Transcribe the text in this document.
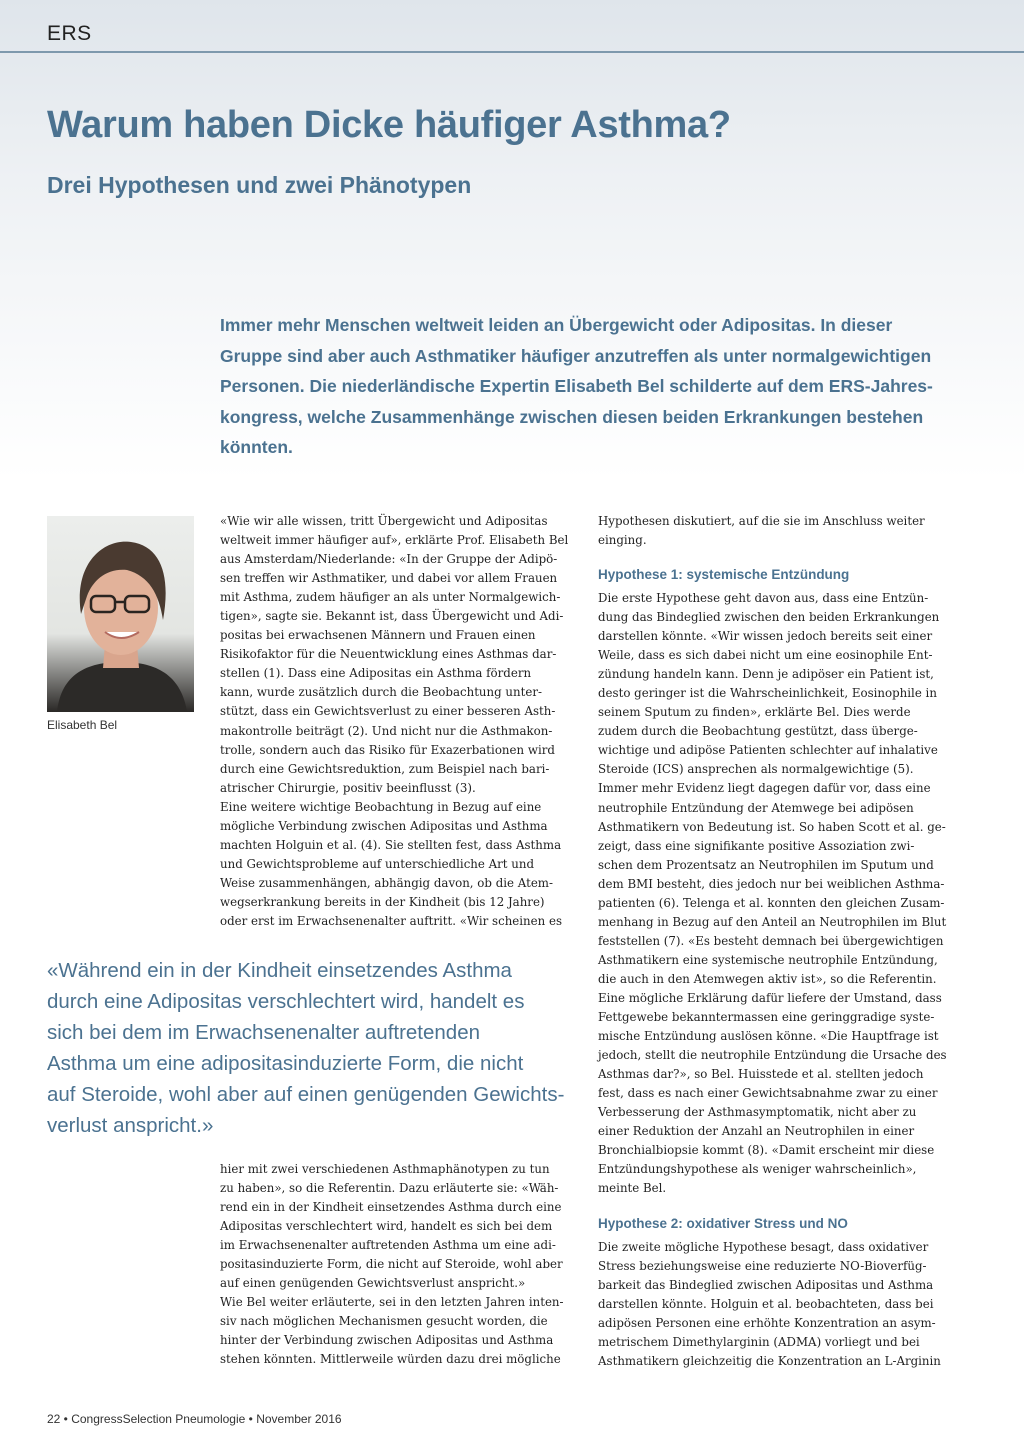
ERS
Warum haben Dicke häufiger Asthma?
Drei Hypothesen und zwei Phänotypen

Immer mehr Menschen weltweit leiden an Übergewicht oder Adipositas. In dieser
Gruppe sind aber auch Asthmatiker häufiger anzutreffen als unter normalgewichtigen
Personen. Die niederländische Expertin Elisabeth Bel schilderte auf dem ERS-Jahres-
kongress, welche Zusammenhänge zwischen diesen beiden Erkrankungen bestehen
könnten.

Elisabeth Bel
«Wie wir alle wissen, tritt Übergewicht und Adipositas
weltweit immer häufiger auf», erklärte Prof. Elisabeth Bel
aus Amsterdam/Niederlande: «In der Gruppe der Adipö-
sen treffen wir Asthmatiker, und dabei vor allem Frauen
mit Asthma, zudem häufiger an als unter Normalgewich-
tigen», sagte sie. Bekannt ist, dass Übergewicht und Adi-
positas bei erwachsenen Männern und Frauen einen
Risikofaktor für die Neuentwicklung eines Asthmas dar-
stellen (1). Dass eine Adipositas ein Asthma fördern
kann, wurde zusätzlich durch die Beobachtung unter-
stützt, dass ein Gewichtsverlust zu einer besseren Asth-
makontrolle beiträgt (2). Und nicht nur die Asthmakon-
trolle, sondern auch das Risiko für Exazerbationen wird
durch eine Gewichtsreduktion, zum Beispiel nach bari-
atrischer Chirurgie, positiv beeinflusst (3).
Eine weitere wichtige Beobachtung in Bezug auf eine
mögliche Verbindung zwischen Adipositas und Asthma
machten Holguin et al. (4). Sie stellten fest, dass Asthma
und Gewichtsprobleme auf unterschiedliche Art und
Weise zusammenhängen, abhängig davon, ob die Atem-
wegserkrankung bereits in der Kindheit (bis 12 Jahre)
oder erst im Erwachsenenalter auftritt. «Wir scheinen es

«Während ein in der Kindheit einsetzendes Asthma
durch eine Adipositas verschlechtert wird, handelt es
sich bei dem im Erwachsenenalter auftretenden
Asthma um eine adipositasinduzierte Form, die nicht
auf Steroide, wohl aber auf einen genügenden Gewichts-
verlust anspricht.»

hier mit zwei verschiedenen Asthmaphänotypen zu tun
zu haben», so die Referentin. Dazu erläuterte sie: «Wäh-
rend ein in der Kindheit einsetzendes Asthma durch eine
Adipositas verschlechtert wird, handelt es sich bei dem
im Erwachsenenalter auftretenden Asthma um eine adi-
positasinduzierte Form, die nicht auf Steroide, wohl aber
auf einen genügenden Gewichtsverlust anspricht.»
Wie Bel weiter erläuterte, sei in den letzten Jahren inten-
siv nach möglichen Mechanismen gesucht worden, die
hinter der Verbindung zwischen Adipositas und Asthma
stehen könnten. Mittlerweile würden dazu drei mögliche
Hypothesen diskutiert, auf die sie im Anschluss weiter
einging.
Hypothese 1: systemische Entzündung
Die erste Hypothese geht davon aus, dass eine Entzün-
dung das Bindeglied zwischen den beiden Erkrankungen
darstellen könnte. «Wir wissen jedoch bereits seit einer
Weile, dass es sich dabei nicht um eine eosinophile Ent-
zündung handeln kann. Denn je adipöser ein Patient ist,
desto geringer ist die Wahrscheinlichkeit, Eosinophile in
seinem Sputum zu finden», erklärte Bel. Dies werde
zudem durch die Beobachtung gestützt, dass überge-
wichtige und adipöse Patienten schlechter auf inhalative
Steroide (ICS) ansprechen als normalgewichtige (5).
Immer mehr Evidenz liegt dagegen dafür vor, dass eine
neutrophile Entzündung der Atemwege bei adipösen
Asthmatikern von Bedeutung ist. So haben Scott et al. ge-
zeigt, dass eine signifikante positive Assoziation zwi-
schen dem Prozentsatz an Neutrophilen im Sputum und
dem BMI besteht, dies jedoch nur bei weiblichen Asthma-
patienten (6). Telenga et al. konnten den gleichen Zusam-
menhang in Bezug auf den Anteil an Neutrophilen im Blut
feststellen (7). «Es besteht demnach bei übergewichtigen
Asthmatikern eine systemische neutrophile Entzündung,
die auch in den Atemwegen aktiv ist», so die Referentin.
Eine mögliche Erklärung dafür liefere der Umstand, dass
Fettgewebe bekanntermassen eine geringgradige syste-
mische Entzündung auslösen könne. «Die Hauptfrage ist
jedoch, stellt die neutrophile Entzündung die Ursache des
Asthmas dar?», so Bel. Huisstede et al. stellten jedoch
fest, dass es nach einer Gewichtsabnahme zwar zu einer
Verbesserung der Asthmasymptomatik, nicht aber zu
einer Reduktion der Anzahl an Neutrophilen in einer
Bronchialbiopsie kommt (8). «Damit erscheint mir diese
Entzündungshypothese als weniger wahrscheinlich»,
meinte Bel.
Hypothese 2: oxidativer Stress und NO
Die zweite mögliche Hypothese besagt, dass oxidativer
Stress beziehungsweise eine reduzierte NO-Bioverfüg-
barkeit das Bindeglied zwischen Adipositas und Asthma
darstellen könnte. Holguin et al. beobachteten, dass bei
adipösen Personen eine erhöhte Konzentration an asym-
metrischem Dimethylarginin (ADMA) vorliegt und bei
Asthmatikern gleichzeitig die Konzentration an L-Arginin
22 • CongressSelection Pneumologie • November 2016
